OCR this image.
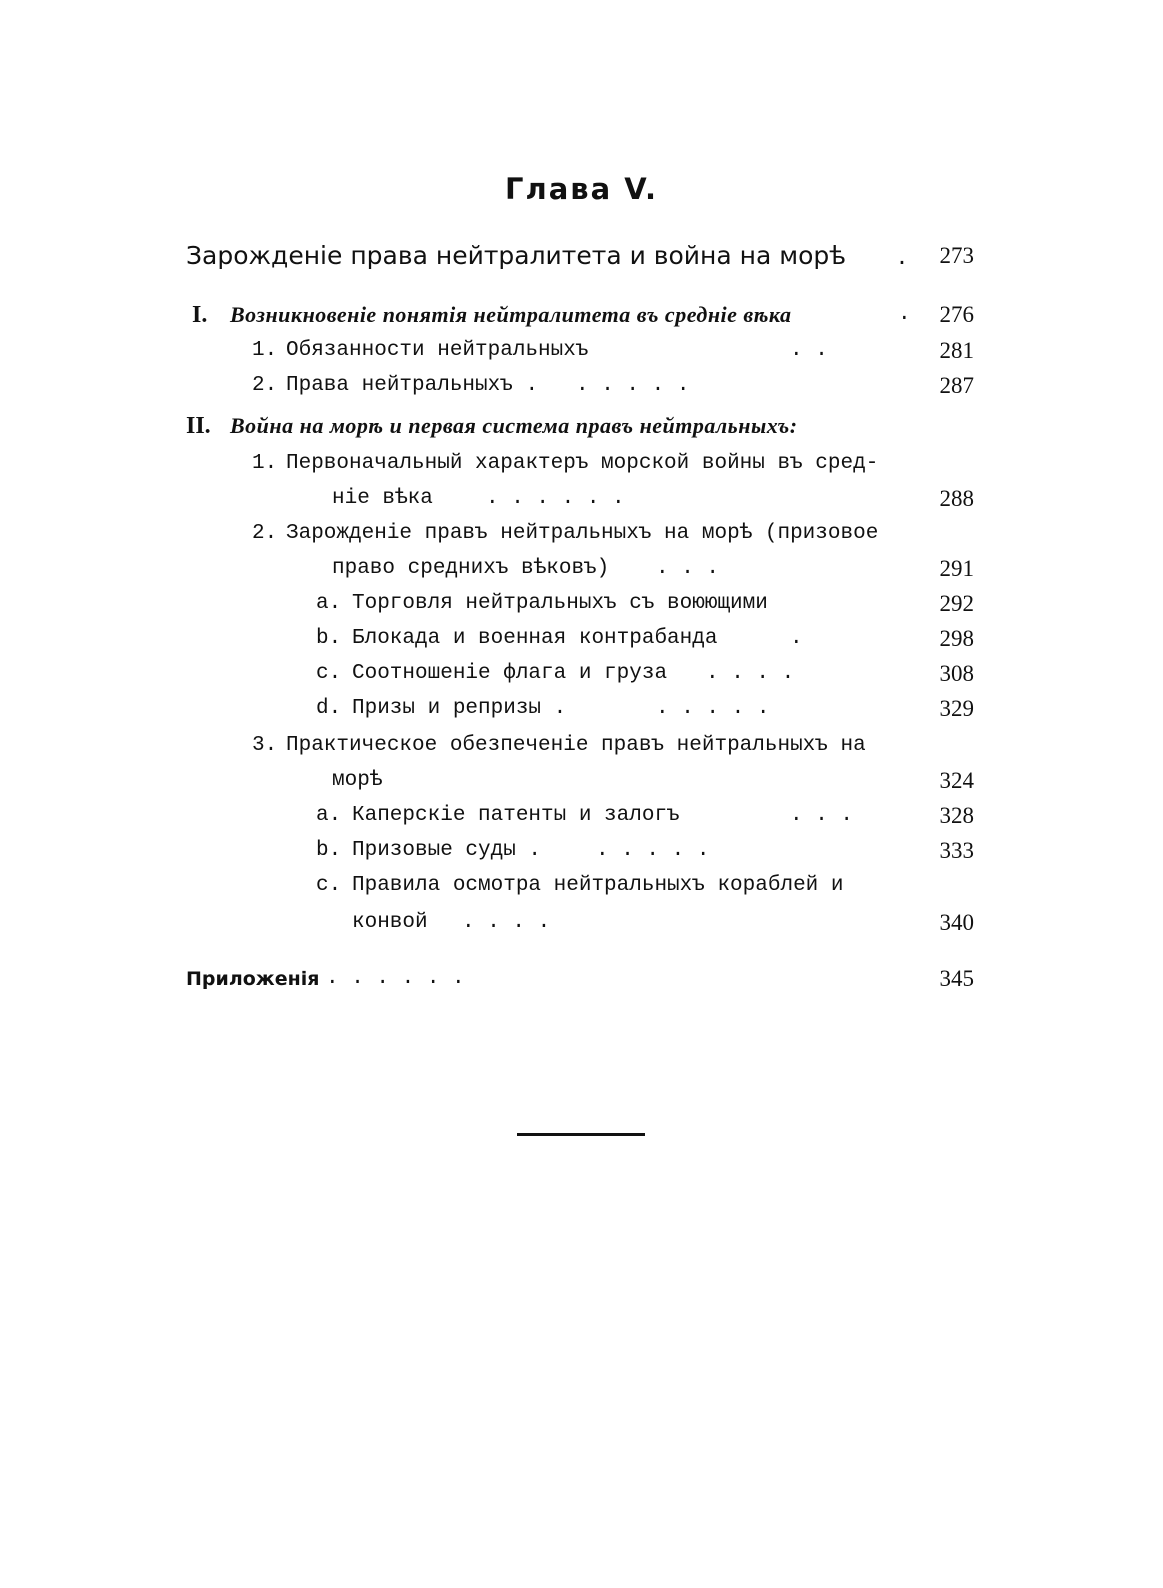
Глава V.
Зарожденіе права нейтралитета и война на морѣ .	273
I. Возникновеніе понятія нейтралитета въ средніе вѣка	.	276
1. Обязанности нейтральныхъ	. .	281
2. Права нейтральныхъ . . . . . .	287
II. Война на морѣ и первая система правъ нейтральныхъ:
1. Первоначальный характеръ морской войны въ сред-
ніе вѣка	. . . . . .	288
2. Зарожденіе правъ нейтральныхъ на морѣ (призовое
право среднихъ вѣковъ) . . .	291
a. Торговля нейтральныхъ съ воюющими	292
b. Блокада и военная контрабанда	.	298
c. Соотношеніе флага и груза . . . .	308
d. Призы и репризы .	. . . . .	329
3. Практическое обезпеченіе правъ нейтральныхъ на
морѣ	324
a. Каперскіе патенты и залогъ	. . .	328
b. Призовые суды .	. . . . .	333
c. Правила осмотра нейтральныхъ кораблей и
конвой . . . .	340
Приложенія . . . . . .	345
